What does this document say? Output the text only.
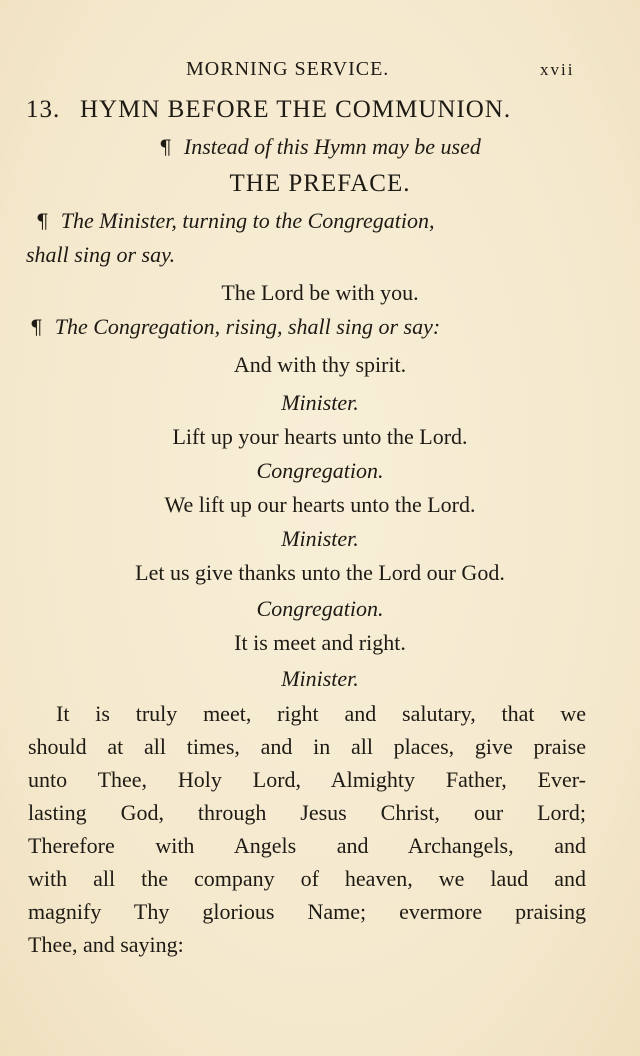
MORNING SERVICE.	xvii
13. HYMN BEFORE THE COMMUNION.
¶ Instead of this Hymn may be used
THE PREFACE.
¶ The Minister, turning to the Congregation,
shall sing or say.
The Lord be with you.
¶ The Congregation, rising, shall sing or say:
And with thy spirit.
Minister.
Lift up your hearts unto the Lord.
Congregation.
We lift up our hearts unto the Lord.
Minister.
Let us give thanks unto the Lord our God.
Congregation.
It is meet and right.
Minister.
It is truly meet, right and salutary, that we
should at all times, and in all places, give praise
unto Thee, Holy Lord, Almighty Father, Ever-
lasting God, through Jesus Christ, our Lord;
Therefore with Angels and Archangels, and
with all the company of heaven, we laud and
magnify Thy glorious Name; evermore praising
Thee, and saying:
